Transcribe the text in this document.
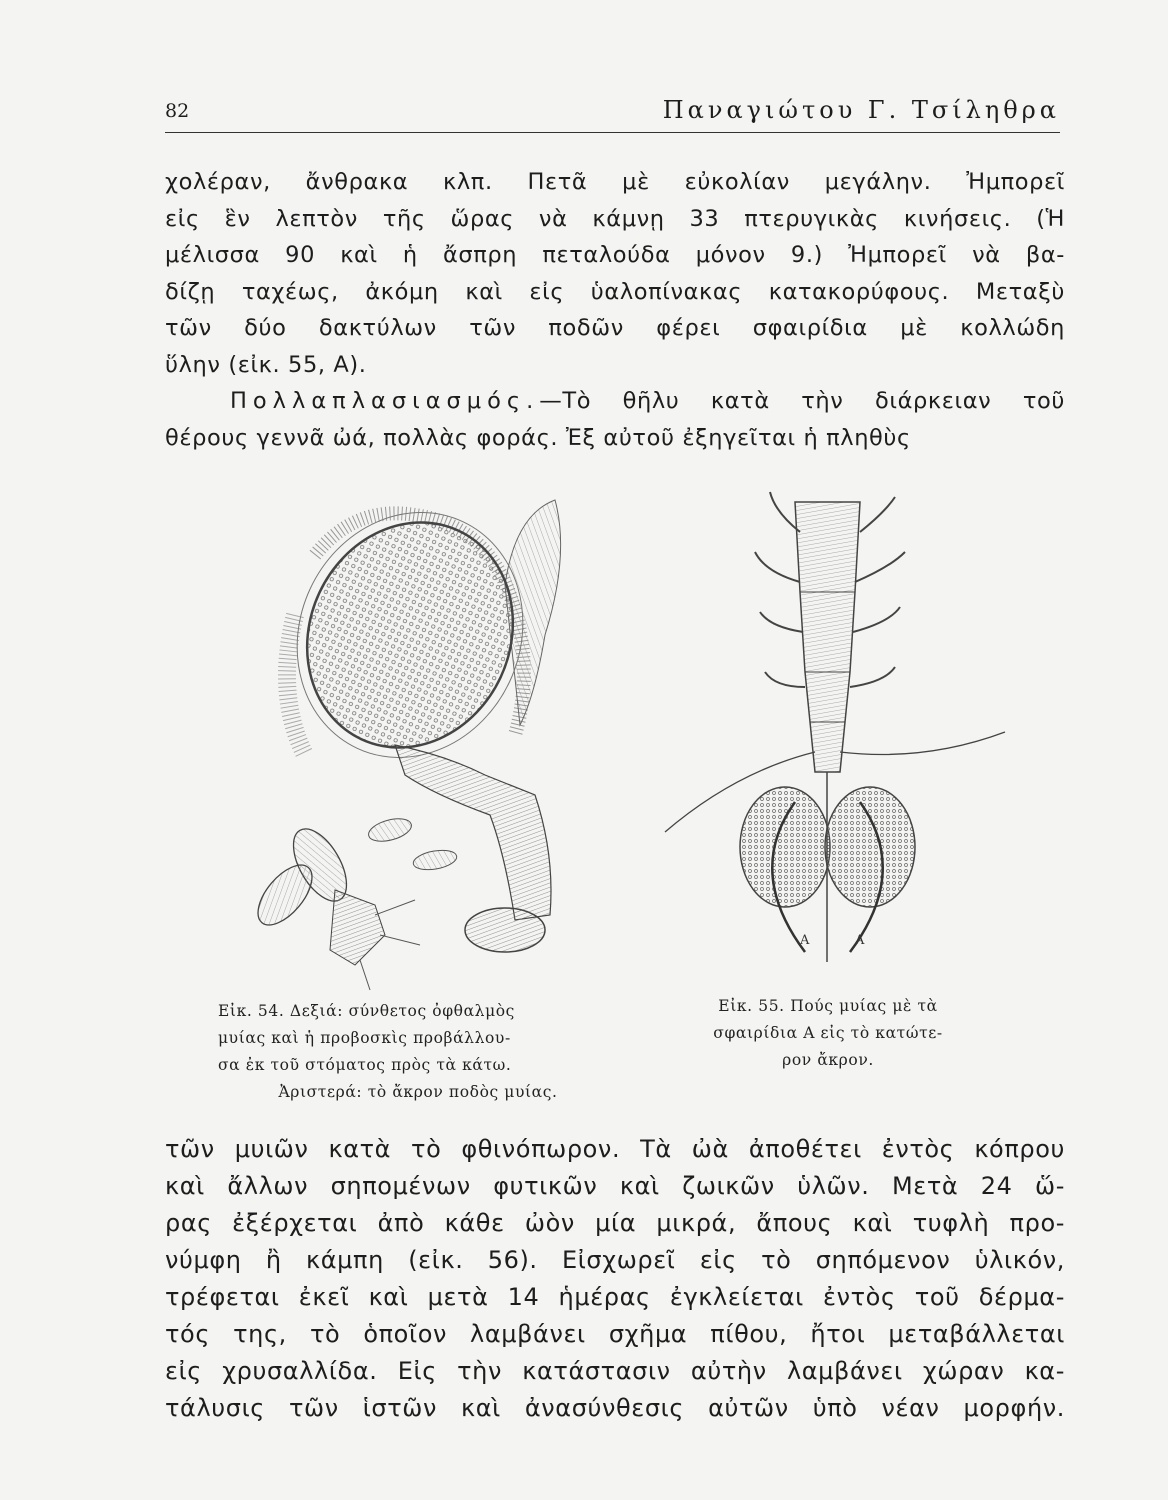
82	Παναγιώτου Γ. Τσίληθρα

χολέραν, ἄνθρακα κλπ. Πετᾶ μὲ εὐκολίαν μεγάλην. Ἠμπορεῖ

εἰς ἓν λεπτὸν τῆς ὥρας νὰ κάμνῃ 33 πτερυγικὰς κινήσεις. (Ἡ

μέλισσα 90 καὶ ἡ ἄσπρη πεταλούδα μόνον 9.) Ἠμπορεῖ νὰ βα-

δίζῃ ταχέως, ἀκόμη καὶ εἰς ὑαλοπίνακας κατακορύφους. Μεταξὺ

τῶν δύο δακτύλων τῶν ποδῶν φέρει σφαιρίδια μὲ κολλώδη

ὕλην (εἰκ. 55, Α).

Πολλαπλασιασμός.—Τὸ θῆλυ κατὰ τὴν διάρκειαν τοῦ

θέρους γεννᾶ ὠά, πολλὰς φοράς. Ἐξ αὐτοῦ ἐξηγεῖται ἡ πληθὺς

A	A

Εἰκ. 54. Δεξιά: σύνθετος ὀφθαλμὸς

μυίας καὶ ἡ προβοσκὶς προβάλλου-

σα ἐκ τοῦ στόματος πρὸς τὰ κάτω.

Ἀριστερά: τὸ ἄκρον ποδὸς μυίας.

Εἰκ. 55. Πούς μυίας μὲ τὰ

σφαιρίδια Α εἰς τὸ κατώτε-

ρον ἄκρον.

τῶν μυιῶν κατὰ τὸ φθινόπωρον. Τὰ ὠὰ ἀποθέτει ἐντὸς κόπρου

καὶ ἄλλων σηπομένων φυτικῶν καὶ ζωικῶν ὑλῶν. Μετὰ 24 ὥ-

ρας ἐξέρχεται ἀπὸ κάθε ὠὸν μία μικρά, ἄπους καὶ τυφλὴ προ-

νύμφη ἢ κάμπη (εἰκ. 56). Εἰσχωρεῖ εἰς τὸ σηπόμενον ὑλικόν,

τρέφεται ἐκεῖ καὶ μετὰ 14 ἡμέρας ἐγκλείεται ἐντὸς τοῦ δέρμα-

τός της, τὸ ὁποῖον λαμβάνει σχῆμα πίθου, ἤτοι μεταβάλλεται

εἰς χρυσαλλίδα. Εἰς τὴν κατάστασιν αὐτὴν λαμβάνει χώραν κα-

τάλυσις τῶν ἱστῶν καὶ ἀνασύνθεσις αὐτῶν ὑπὸ νέαν μορφήν.
